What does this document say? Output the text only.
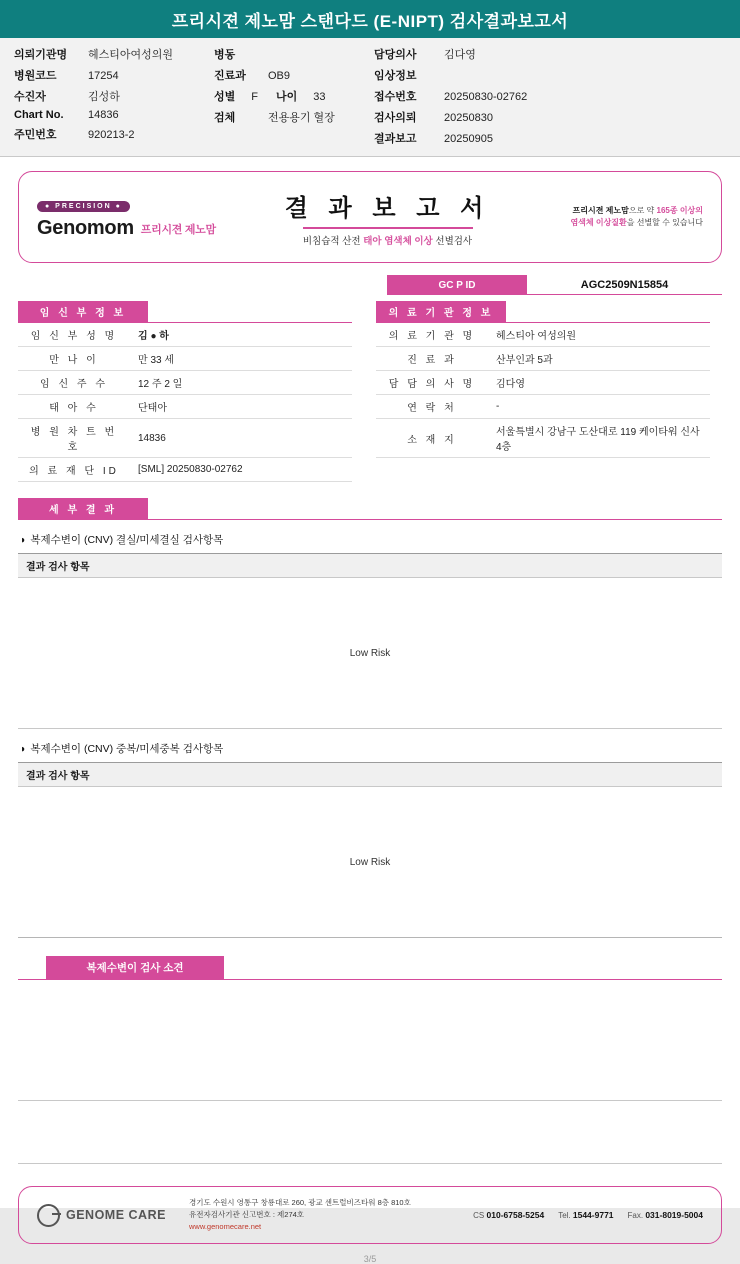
프리시젼 제노맘 스탠다드 (E-NIPT) 검사결과보고서
의뢰기관명	헤스티아여성의원
병원코드	17254
수진자	김성하
Chart No.	14836
주민번호	920213-2
병동
진료과	OB9
성별 F 나이 33
검체	전용용기 혈장
담당의사	김다영
임상정보
접수번호	20250830-02762
검사의뢰	20250830
결과보고	20250905
● PRECISION ●
Genomom 프리시젼 제노맘
결 과 보 고 서
비침습적 산전 태아 염색체 이상 선별검사
프리시젼 제노맘으로 약 165종 이상의
염색체 이상질환을 선별할 수 있습니다
GC P ID	AGC2509N15854
임 신 부 정 보
임 신 부 성 명	김 ● 하
만 나 이	만 33 세
임 신 주 수	12 주 2 일
태 아 수	단태아
병 원 차 트 번 호	14836
의 료 재 단 ID	[SML] 20250830-02762
의 료 기 관 정 보
의 료 기 관 명	헤스티아 여성의원
진 료 과	산부인과 5과
담 담 의 사 명	김다영
연 락 처	-
소 재 지	서울특별시 강남구 도산대로 119 케이타워 신사 4층
세 부 결 과
◗ 복제수변이 (CNV) 결실/미세결실 검사항목
결과 검사 항목
Low Risk
◗ 복제수변이 (CNV) 중복/미세중복 검사항목
결과 검사 항목
Low Risk
복제수변이 검사 소견
GENOME CARE
경기도 수원시 영통구 창룡대로 260, 광교 센트럴비즈타워 8층 810호
유전자검사기관 신고번호 : 제274호
www.genomecare.net
CS 010-6758-5254 Tel. 1544-9771 Fax. 031-8019-5004
3/5
